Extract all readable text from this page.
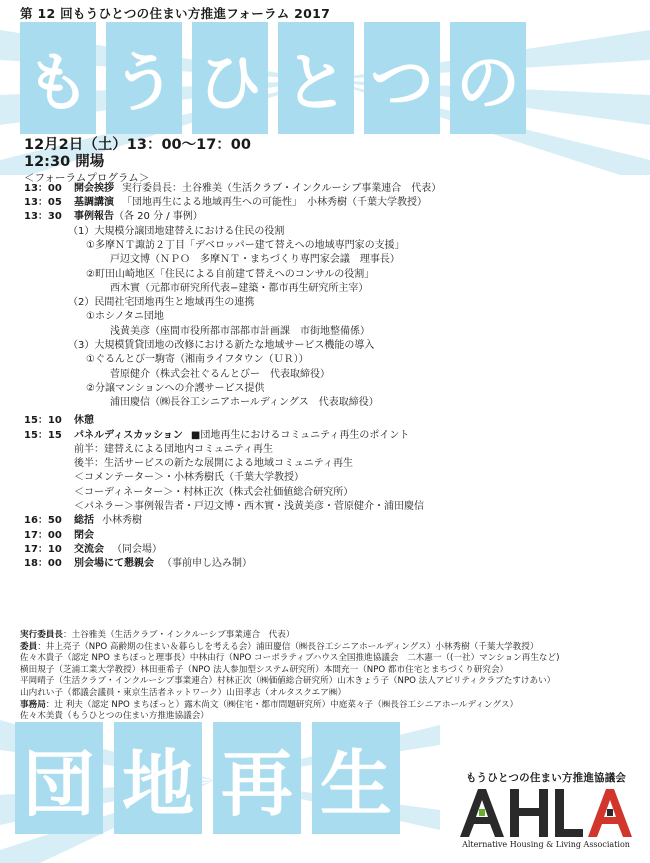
第 12 回もうひとつの住まい方推進フォーラム 2017
も う ひ と つ の
12月2日（土）13：00～17：00
12:30 開場
＜フォーラムプログラム＞
13：00	開会挨拶 実行委員長：土谷雅美（生活クラブ・インクルーシブ事業連合　代表）
13：05	基調講演 「団地再生による地域再生への可能性」　小林秀樹（千葉大学教授）
13：30	事例報告 （各 20 分 / 事例）
（1）大規模分譲団地建替えにおける住民の役割
①多摩ＮＴ諏訪２丁目「デベロッパー建て替えへの地域専門家の支援」
戸辺文博（ＮＰＯ　多摩ＮＴ・まちづくり専門家会議　理事長）
②町田山崎地区「住民による自前建て替えへのコンサルの役割」
西木實（元都市研究所代表−建築・都市再生研究所主宰）
（2）民間社宅団地再生と地域再生の連携
①ホシノタニ団地
浅黄美彦（座間市役所都市部都市計画課　市街地整備係）
（3）大規模賃貸団地の改修における新たな地域サービス機能の導入
①ぐるんとび一駒寄（湘南ライフタウン（ＵＲ））
菅原健介（株式会社ぐるんとびー　代表取締役）
②分譲マンションへの介護サービス提供
浦田慶信（㈱長谷工シニアホールディングス　代表取締役）
15：10	休憩
15：15	パネルディスカッション ■団地再生におけるコミュニティ再生のポイント
前半：建替えによる団地内コミュニティ再生
後半：生活サービスの新たな展開による地域コミュニティ再生
＜コメンテーター＞・小林秀樹氏（千葉大学教授）
＜コーディネーター＞・村林正次（株式会社価値総合研究所）
＜パネラー＞事例報告者・戸辺文博・西木實・浅黄美彦・菅原健介・浦田慶信
16：50	総括 小林秀樹
17：00	閉会
17：10	交流会 （同会場）
18：00	別会場にて懇親会 （事前申し込み制）
実行委員長：土谷雅美（生活クラブ・インクルーシブ事業連合　代表）
委員：井上亮子（NPO 高齢期の住まい＆暮らしを考える会）浦田慶信（㈱長谷工シニアホールディングス）小林秀樹（千葉大学教授）
佐々木貴子（認定 NPO まちぽっと理事長）中林由行（NPO コーポラティブハウス全国推進協議会　二木憲一（(一社）マンション再生など)
横田規子（芝浦工業大学教授）林田亜希子（NPO 法人参加型システム研究所）本間充一（NPO 都市住宅とまちづくり研究会）
平岡晴子（生活クラブ・インクルーシブ事業連合）村林正次（㈱価値総合研究所）山木きょう子（NPO 法人アビリティクラブたすけあい）
山内れい子（都議会議員・東京生活者ネットワーク）山田孝志（オルタスクエア㈱）
事務局：辻 利夫（認定 NPO まちぽっと）露木尚文（㈱住宅・都市問題研究所）中庭菜々子（㈱長谷工シニアホールディングス）
佐々木美貴（もうひとつの住まい方推進協議会）
団 地 再 生	もうひとつの住まい方推進協議会
Alternative Housing & Living Association
